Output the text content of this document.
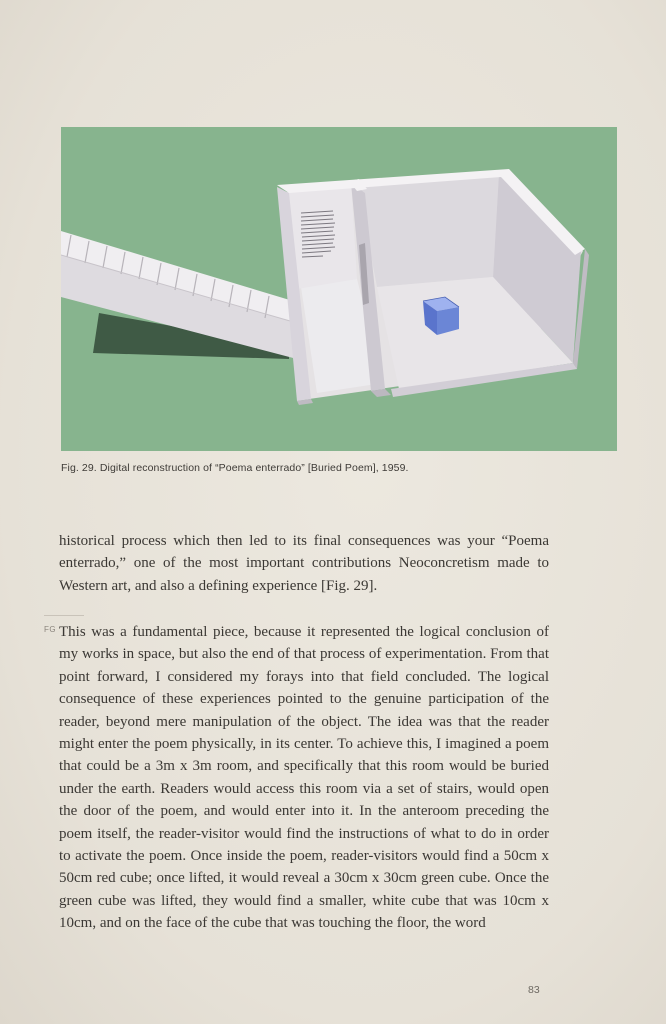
Fig. 29. Digital reconstruction of “Poema enterrado” [Buried Poem], 1959.

historical process which then led to its final consequences was your “Poema enterrado,” one of the most important contributions Neoconcretism made to Western art, and also a defining experience [Fig. 29].

FG This was a fundamental piece, because it represented the logical conclusion of my works in space, but also the end of that process of experimentation. From that point forward, I considered my forays into that field concluded. The logical consequence of these experiences pointed to the genuine participation of the reader, beyond mere manipulation of the object. The idea was that the reader might enter the poem physically, in its center. To achieve this, I imagined a poem that could be a 3m x 3m room, and specifically that this room would be buried under the earth. Readers would access this room via a set of stairs, would open the door of the poem, and would enter into it. In the anteroom preceding the poem itself, the reader-visitor would find the instructions of what to do in order to activate the poem. Once inside the poem, reader-visitors would find a 50cm x 50cm red cube; once lifted, it would reveal a 30cm x 30cm green cube. Once the green cube was lifted, they would find a smaller, white cube that was 10cm x 10cm, and on the face of the cube that was touching the floor, the word

83
